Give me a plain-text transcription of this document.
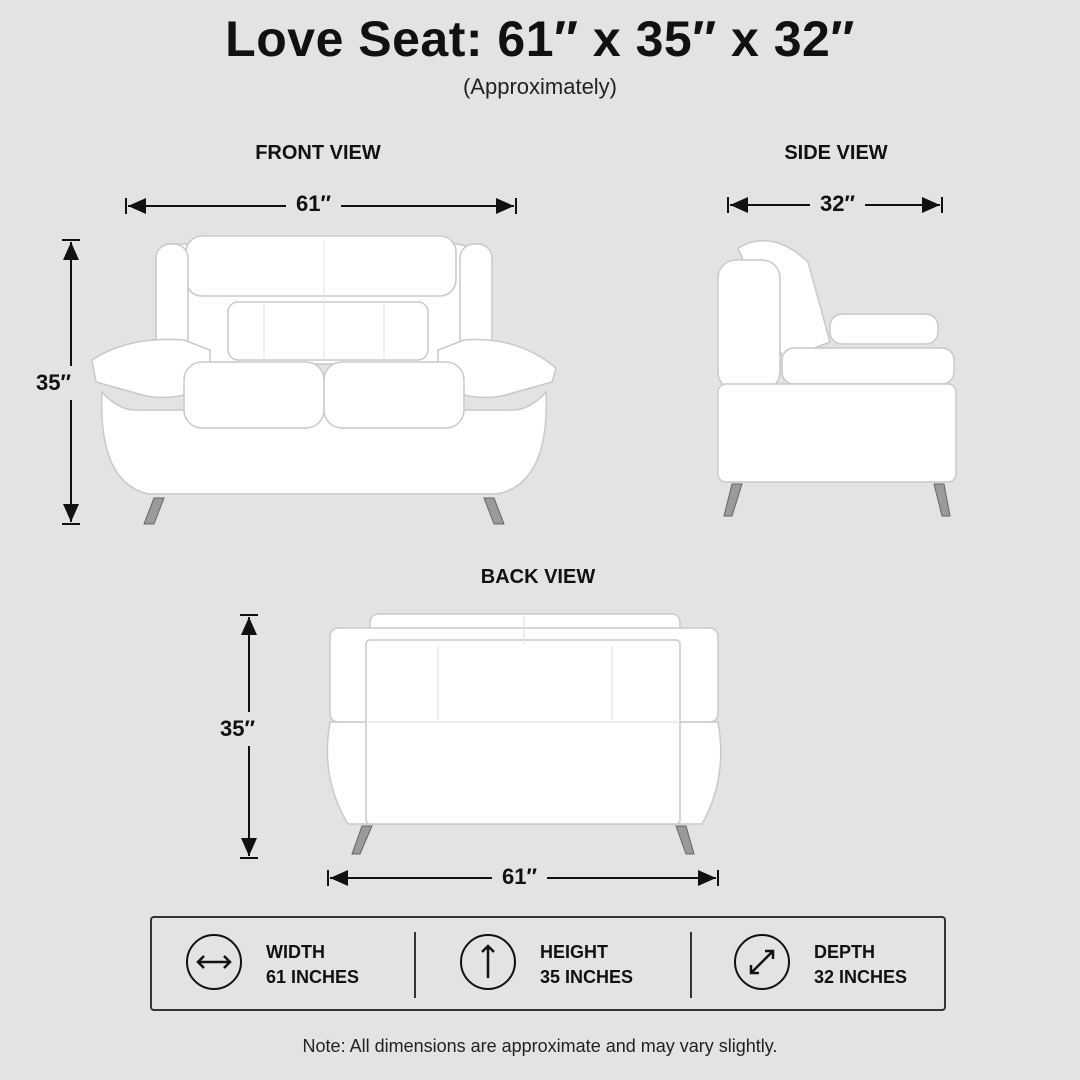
Love Seat: 61″ x 35″ x 32″
(Approximately)
FRONT VIEW
61″
35″
32″
35″
61″
SIDE VIEW
BACK VIEW
WIDTH
61 INCHES
HEIGHT
35 INCHES
DEPTH
32 INCHES
Note: All dimensions are approximate and may vary slightly.
